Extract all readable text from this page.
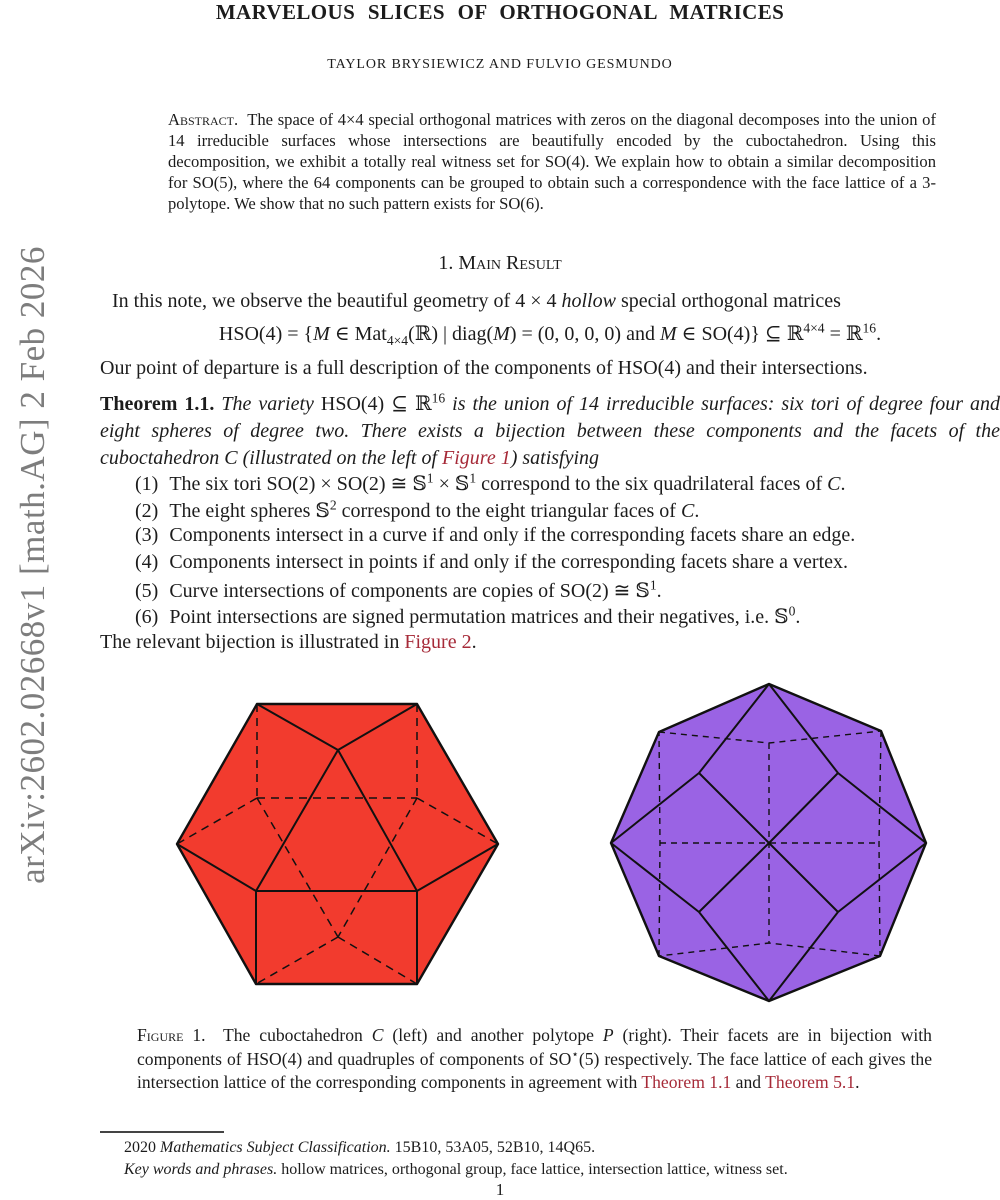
arXiv:2602.02668v1 [math.AG] 2 Feb 2026
MARVELOUS SLICES OF ORTHOGONAL MATRICES
TAYLOR BRYSIEWICZ AND FULVIO GESMUNDO
Abstract.  The space of 4×4 special orthogonal matrices with zeros on the diagonal decomposes into the union of 14 irreducible surfaces whose intersections are beautifully encoded by the cuboctahedron. Using this decomposition, we exhibit a totally real witness set for SO(4). We explain how to obtain a similar decomposition for SO(5), where the 64 components can be grouped to obtain such a correspondence with the face lattice of a 3-polytope. We show that no such pattern exists for SO(6).
1. Main Result
In this note, we observe the beautiful geometry of 4 × 4 hollow special orthogonal matrices
HSO(4) = {M ∈ Mat$_{4\times 4}$(ℝ) | diag(M) = (0, 0, 0, 0) and M ∈ SO(4)} ⊆ ℝ$^{4\times 4}$ = ℝ$^{16}$.
Our point of departure is a full description of the components of HSO(4) and their intersections.
Theorem 1.1. The variety HSO(4) ⊆ ℝ$^{16}$ is the union of 14 irreducible surfaces: six tori of degree four and eight spheres of degree two. There exists a bijection between these components and the facets of the cuboctahedron C (illustrated on the left of Figure 1) satisfying
(1) The six tori SO(2) × SO(2) ≅ 𝕊$^1$ × 𝕊$^1$ correspond to the six quadrilateral faces of C.
(2) The eight spheres 𝕊$^2$ correspond to the eight triangular faces of C.
(3) Components intersect in a curve if and only if the corresponding facets share an edge.
(4) Components intersect in points if and only if the corresponding facets share a vertex.
(5) Curve intersections of components are copies of SO(2) ≅ 𝕊$^1$.
(6) Point intersections are signed permutation matrices and their negatives, i.e. 𝕊$^0$.
The relevant bijection is illustrated in Figure 2.
Figure 1.  The cuboctahedron C (left) and another polytope P (right). Their facets are in bijection with components of HSO(4) and quadruples of components of SO⋆(5) respectively. The face lattice of each gives the intersection lattice of the corresponding components in agreement with Theorem 1.1 and Theorem 5.1.
2020 Mathematics Subject Classification. 15B10, 53A05, 52B10, 14Q65.
Key words and phrases. hollow matrices, orthogonal group, face lattice, intersection lattice, witness set.
1
